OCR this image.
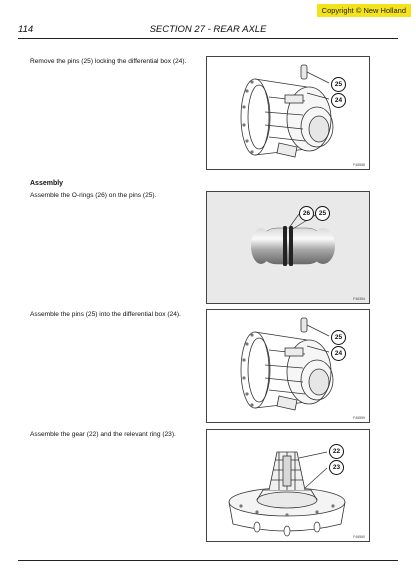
Copyright © New Holland
114	SECTION 27 - REAR AXLE
Remove the pins (25) locking the differential box (24).
25
24
F46558
Assembly
Assemble the O-rings (26) on the pins (25).
26	25
F46354
Assemble the pins (25) into the differential box (24).
25
24
F46559
Assemble the gear (22) and the relevant ring (23).
22
23
F46560
